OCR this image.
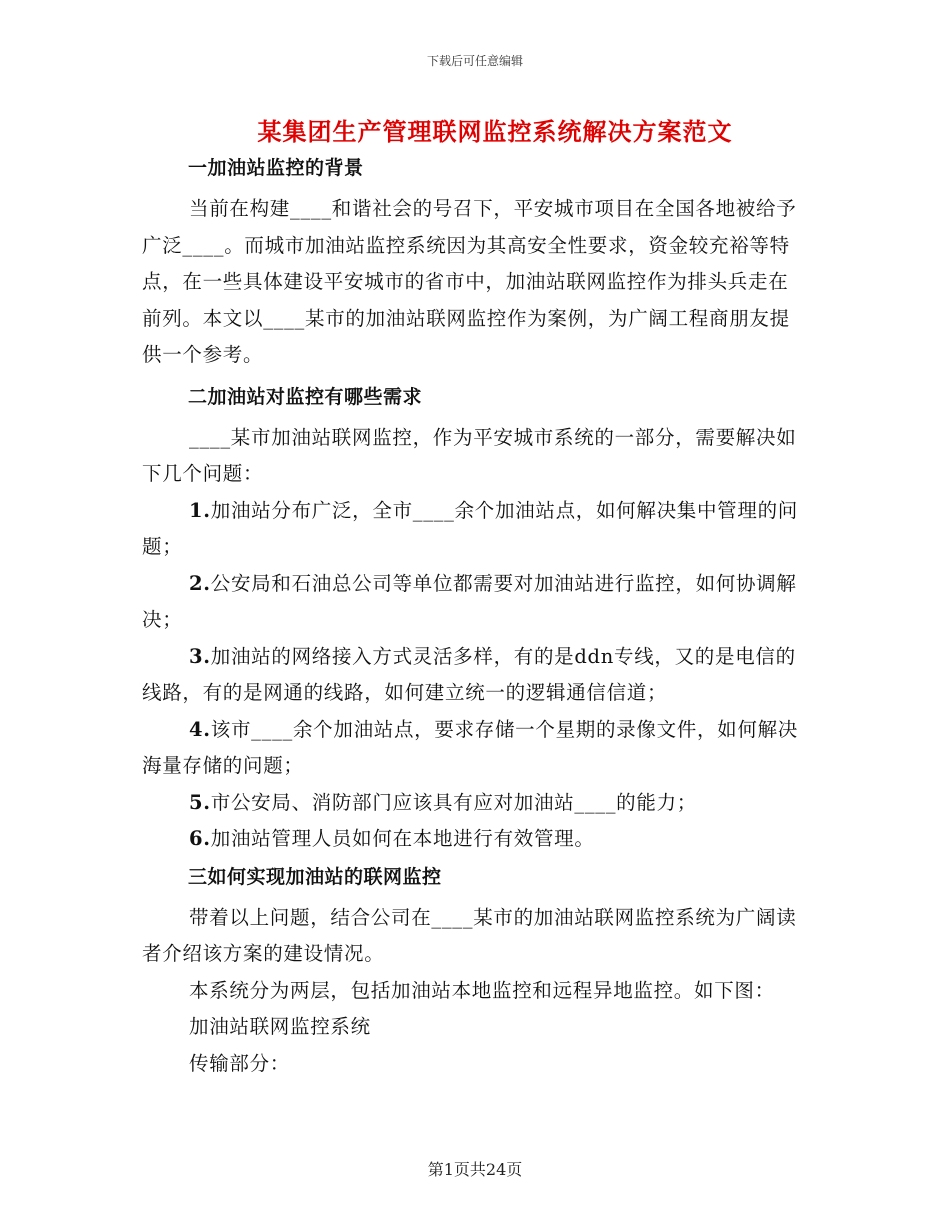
下载后可任意编辑
某集团生产管理联网监控系统解决方案范文
一加油站监控的背景

当前在构建____和谐社会的号召下，平安城市项目在全国各地被给予广泛____。而城市加油站监控系统因为其高安全性要求，资金较充裕等特点，在一些具体建设平安城市的省市中，加油站联网监控作为排头兵走在前列。本文以____某市的加油站联网监控作为案例，为广阔工程商朋友提供一个参考。

二加油站对监控有哪些需求

____某市加油站联网监控，作为平安城市系统的一部分，需要解决如下几个问题：

1.加油站分布广泛，全市____余个加油站点，如何解决集中管理的问题；

2.公安局和石油总公司等单位都需要对加油站进行监控，如何协调解决；

3.加油站的网络接入方式灵活多样，有的是ddn专线，又的是电信的线路，有的是网通的线路，如何建立统一的逻辑通信信道；

4.该市____余个加油站点，要求存储一个星期的录像文件，如何解决海量存储的问题；

5.市公安局、消防部门应该具有应对加油站____的能力；

6.加油站管理人员如何在本地进行有效管理。

三如何实现加油站的联网监控

带着以上问题，结合公司在____某市的加油站联网监控系统为广阔读者介绍该方案的建设情况。

本系统分为两层，包括加油站本地监控和远程异地监控。如下图：

加油站联网监控系统

传输部分：

第1页共24页
